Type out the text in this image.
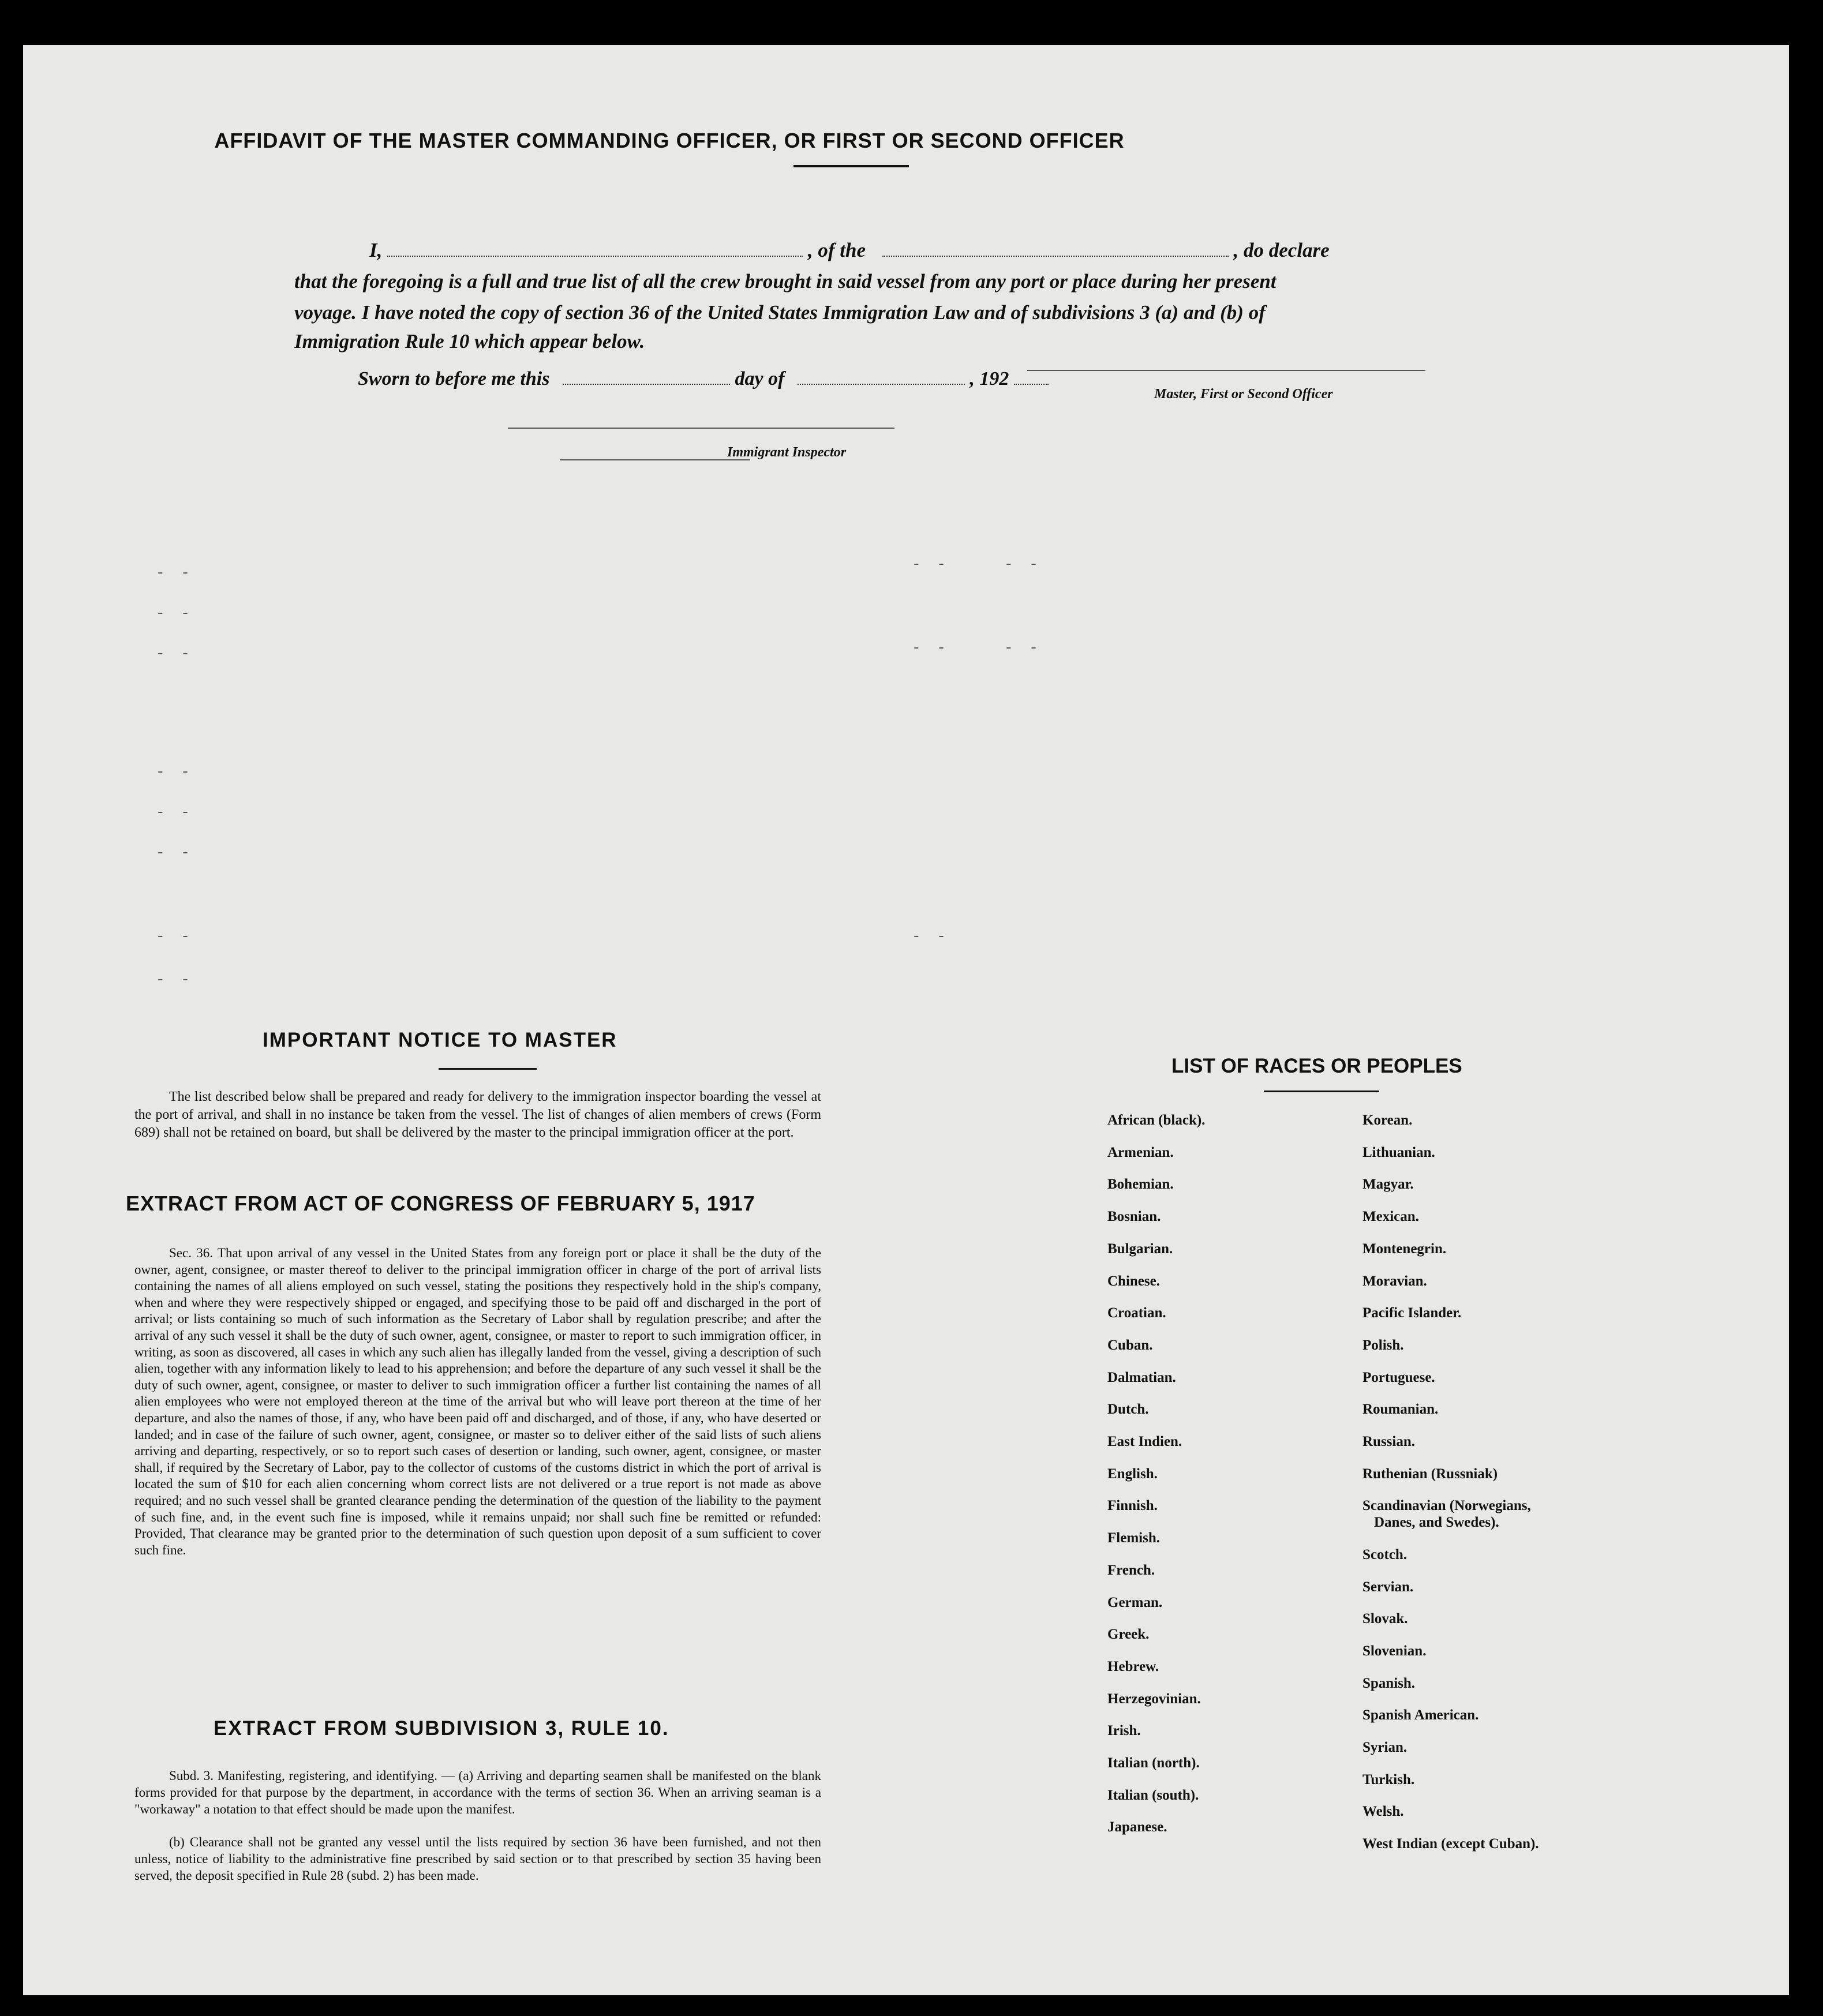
AFFIDAVIT OF THE MASTER COMMANDING OFFICER, OR FIRST OR SECOND OFFICER
I,	, of the	, do declare
that the foregoing is a full and true list of all the crew brought in said vessel from any port or place during her present
voyage. I have noted the copy of section 36 of the United States Immigration Law and of subdivisions 3 (a) and (b) of
Immigration Rule 10 which appear below.
Master, First or Second Officer
Sworn to before me this	day of	, 192
Immigrant Inspector
- -	- -	- -
- -
- -	- -
- -
- -
- -
- -
- -
- -
- -
IMPORTANT NOTICE TO MASTER
The list described below shall be prepared and ready for delivery to the immigration inspector boarding the vessel at the port of arrival, and shall in no instance be taken from the vessel. The list of changes of alien members of crews (Form 689) shall not be retained on board, but shall be delivered by the master to the principal immigration officer at the port.
EXTRACT FROM ACT OF CONGRESS OF FEBRUARY 5, 1917
Sec. 36. That upon arrival of any vessel in the United States from any foreign port or place it shall be the duty of the owner, agent, consignee, or master thereof to deliver to the principal immigration officer in charge of the port of arrival lists containing the names of all aliens employed on such vessel, stating the positions they respectively hold in the ship's company, when and where they were respectively shipped or engaged, and specifying those to be paid off and discharged in the port of arrival; or lists containing so much of such information as the Secretary of Labor shall by regulation prescribe; and after the arrival of any such vessel it shall be the duty of such owner, agent, consignee, or master to report to such immigration officer, in writing, as soon as discovered, all cases in which any such alien has illegally landed from the vessel, giving a description of such alien, together with any information likely to lead to his apprehension; and before the departure of any such vessel it shall be the duty of such owner, agent, consignee, or master to deliver to such immigration officer a further list containing the names of all alien employees who were not employed thereon at the time of the arrival but who will leave port thereon at the time of her departure, and also the names of those, if any, who have been paid off and discharged, and of those, if any, who have deserted or landed; and in case of the failure of such owner, agent, consignee, or master so to deliver either of the said lists of such aliens arriving and departing, respectively, or so to report such cases of desertion or landing, such owner, agent, consignee, or master shall, if required by the Secretary of Labor, pay to the collector of customs of the customs district in which the port of arrival is located the sum of $10 for each alien concerning whom correct lists are not delivered or a true report is not made as above required; and no such vessel shall be granted clearance pending the determination of the question of the liability to the payment of such fine, and, in the event such fine is imposed, while it remains unpaid; nor shall such fine be remitted or refunded: Provided, That clearance may be granted prior to the determination of such question upon deposit of a sum sufficient to cover such fine.
EXTRACT FROM SUBDIVISION 3, RULE 10.
Subd. 3. Manifesting, registering, and identifying. — (a) Arriving and departing seamen shall be manifested on the blank forms provided for that purpose by the department, in accordance with the terms of section 36. When an arriving seaman is a "workaway" a notation to that effect should be made upon the manifest.
(b) Clearance shall not be granted any vessel until the lists required by section 36 have been furnished, and not then unless, notice of liability to the administrative fine prescribed by said section or to that prescribed by section 35 having been served, the deposit specified in Rule 28 (subd. 2) has been made.
LIST OF RACES OR PEOPLES
African (black).
Armenian.
Bohemian.
Bosnian.
Bulgarian.
Chinese.
Croatian.
Cuban.
Dalmatian.
Dutch.
East Indien.
English.
Finnish.
Flemish.
French.
German.
Greek.
Hebrew.
Herzegovinian.
Irish.
Italian (north).
Italian (south).
Japanese.
Korean.
Lithuanian.
Magyar.
Mexican.
Montenegrin.
Moravian.
Pacific Islander.
Polish.
Portuguese.
Roumanian.
Russian.
Ruthenian (Russniak)
Scandinavian (Norwegians,
Danes, and Swedes).
Scotch.
Servian.
Slovak.
Slovenian.
Spanish.
Spanish American.
Syrian.
Turkish.
Welsh.
West Indian (except Cuban).
